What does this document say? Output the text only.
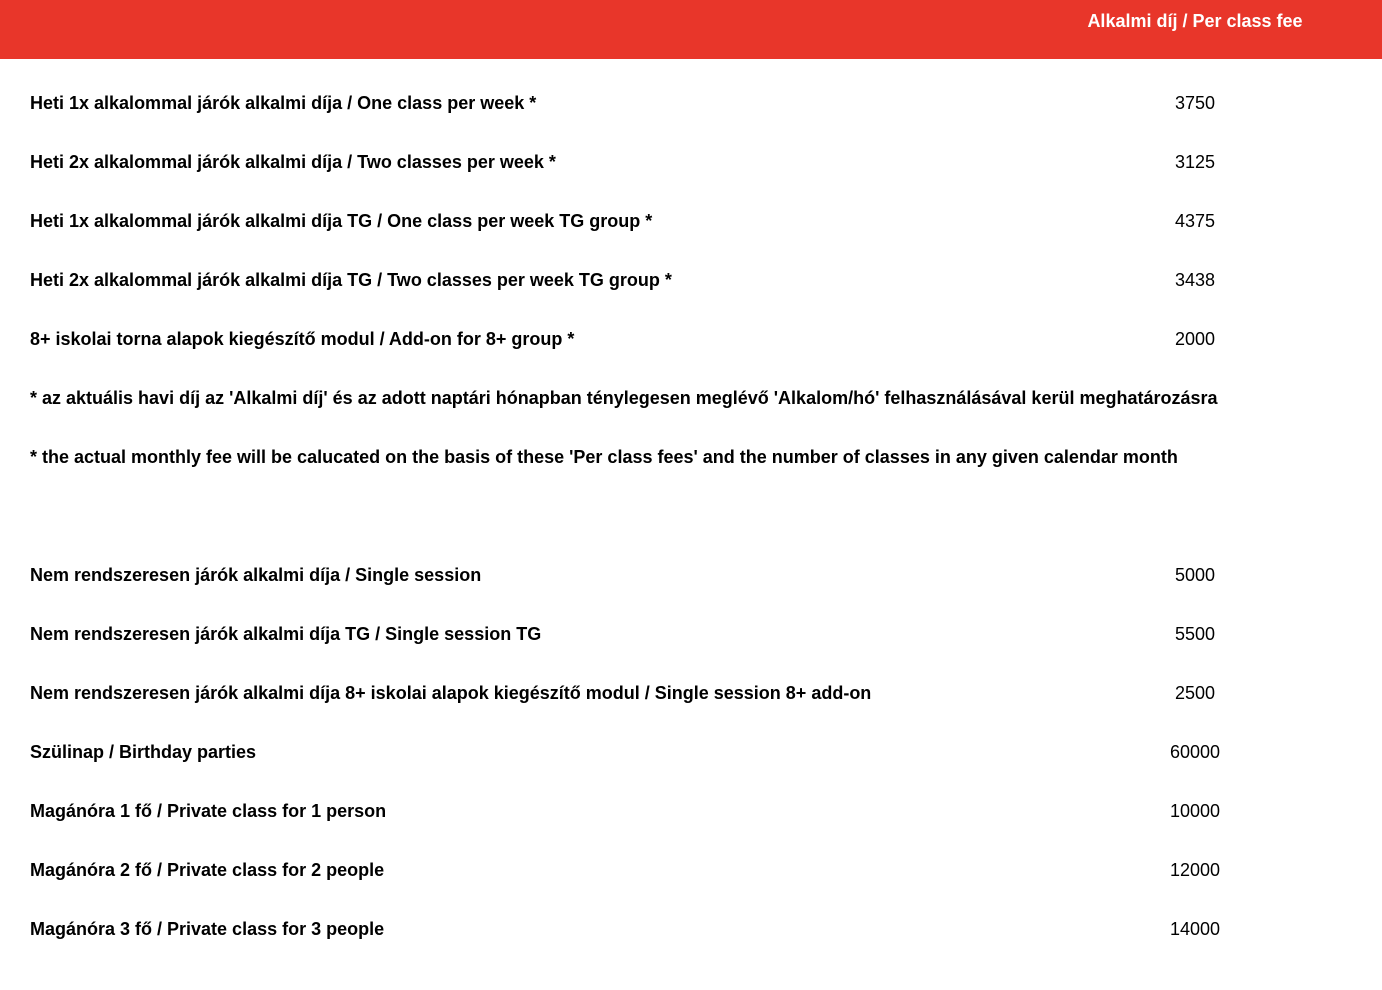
Alkalmi díj / Per class fee
Heti 1x alkalommal járók alkalmi díja / One class per week *	3750
Heti 2x alkalommal járók alkalmi díja / Two classes per week *	3125
Heti 1x alkalommal járók alkalmi díja TG / One class per week TG group *	4375
Heti 2x alkalommal járók alkalmi díja TG / Two classes per week TG group *	3438
8+ iskolai torna alapok kiegészítő modul / Add-on for 8+ group *	2000
* az aktuális havi díj az 'Alkalmi díj' és az adott naptári hónapban ténylegesen meglévő 'Alkalom/hó' felhasználásával kerül meghatározásra
* the actual monthly fee will be calucated on the basis of these 'Per class fees' and the number of classes in any given calendar month
Nem rendszeresen járók alkalmi díja / Single session	5000
Nem rendszeresen járók alkalmi díja TG / Single session TG	5500
Nem rendszeresen járók alkalmi díja 8+ iskolai alapok kiegészítő modul / Single session 8+ add-on	2500
Szülinap / Birthday parties	60000
Magánóra 1 fő / Private class for 1 person	10000
Magánóra 2 fő / Private class for 2 people	12000
Magánóra 3 fő / Private class for 3 people	14000
